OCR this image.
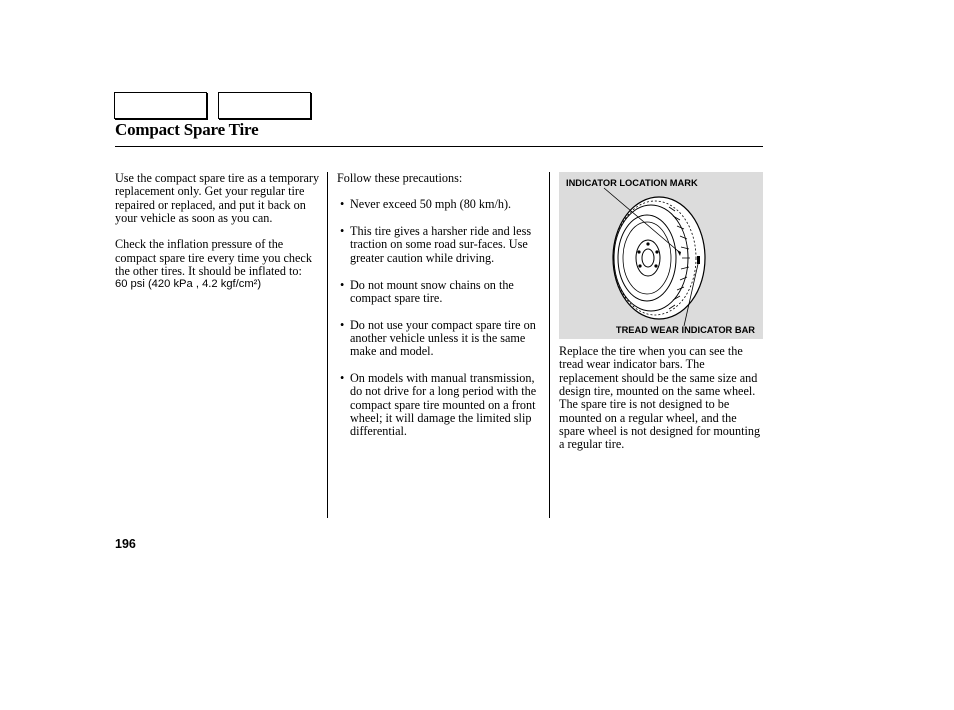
Compact Spare Tire

Use the compact spare tire as a temporary replacement only. Get your regular tire repaired or replaced, and put it back on your vehicle as soon as you can.

Check the inflation pressure of the compact spare tire every time you check the other tires. It should be inflated to:

60 psi (420 kPa , 4.2 kgf/cm²)

Follow these precautions:

• Never exceed 50 mph (80 km/h).
• This tire gives a harsher ride and less traction on some road sur-faces. Use greater caution while driving.
• Do not mount snow chains on the compact spare tire.
• Do not use your compact spare tire on another vehicle unless it is the same make and model.
• On models with manual transmission, do not drive for a long period with the compact spare tire mounted on a front wheel; it will damage the limited slip differential.
INDICATOR LOCATION MARK
TREAD WEAR INDICATOR BAR

Replace the tire when you can see the tread wear indicator bars. The replacement should be the same size and design tire, mounted on the same wheel. The spare tire is not designed to be mounted on a regular wheel, and the spare wheel is not designed for mounting a regular tire.

196
